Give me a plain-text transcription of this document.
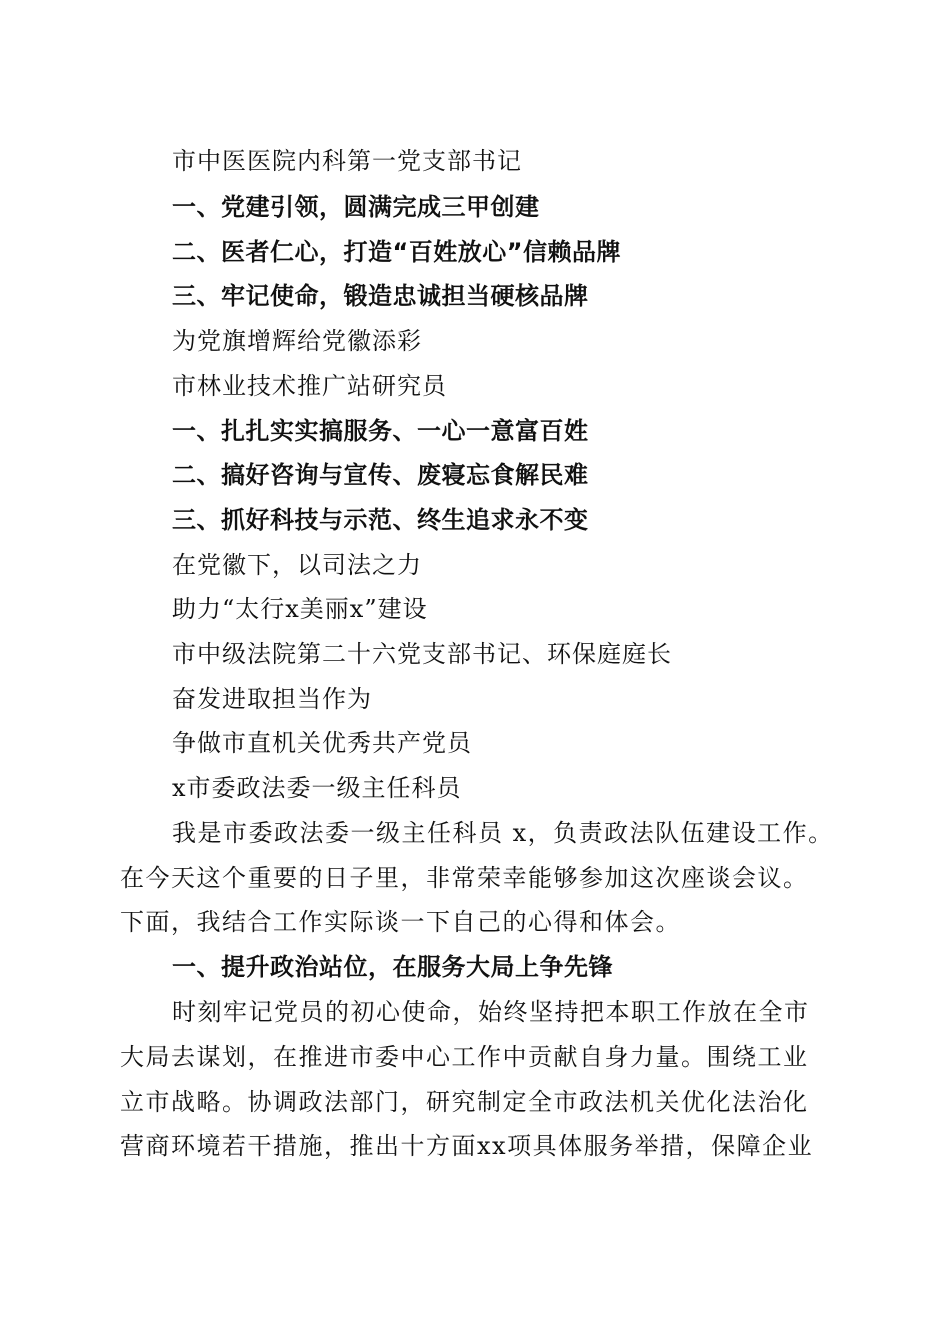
市中医医院内科第一党支部书记
一、党建引领，圆满完成三甲创建
二、医者仁心，打造“百姓放心”信赖品牌
三、牢记使命，锻造忠诚担当硬核品牌
为党旗增辉给党徽添彩
市林业技术推广站研究员
一、扎扎实实搞服务、一心一意富百姓
二、搞好咨询与宣传、废寝忘食解民难
三、抓好科技与示范、终生追求永不变
在党徽下，以司法之力
助力“太行x美丽x”建设
市中级法院第二十六党支部书记、环保庭庭长
奋发进取担当作为
争做市直机关优秀共产党员
x市委政法委一级主任科员
我是市委政法委一级主任科员 x，负责政法队伍建设工作。
在今天这个重要的日子里，非常荣幸能够参加这次座谈会议。
下面，我结合工作实际谈一下自己的心得和体会。
一、提升政治站位，在服务大局上争先锋
时刻牢记党员的初心使命，始终坚持把本职工作放在全市
大局去谋划，在推进市委中心工作中贡献自身力量。围绕工业
立市战略。协调政法部门，研究制定全市政法机关优化法治化
营商环境若干措施，推出十方面xx项具体服务举措，保障企业
